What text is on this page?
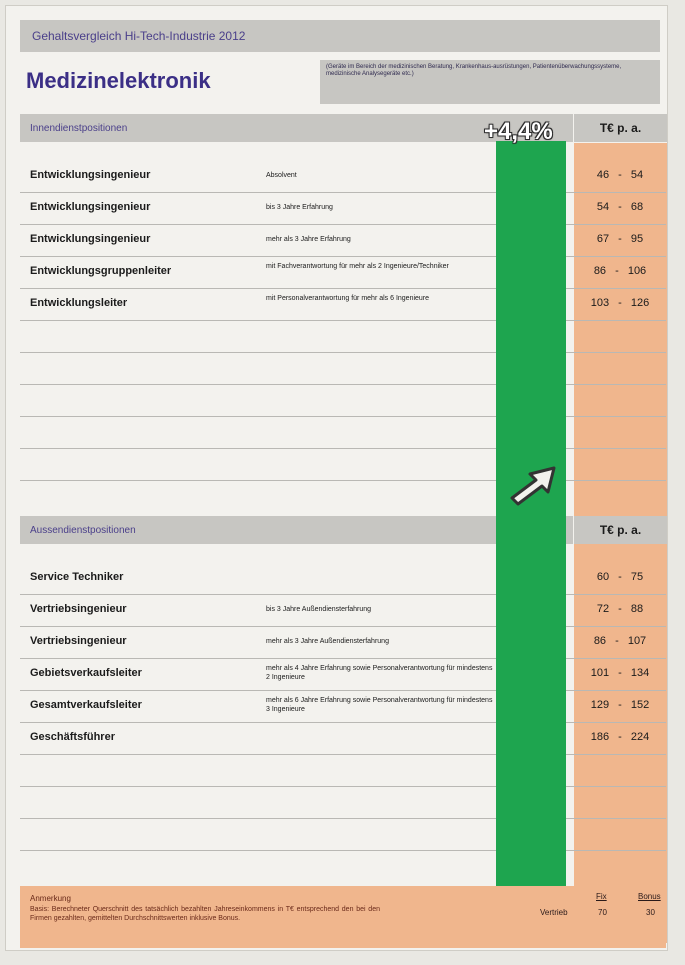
Gehaltsvergleich Hi-Tech-Industrie 2012
Medizinelektronik
(Geräte im Bereich der medizinischen Beratung, Krankenhaus-ausrüstungen, Patientenüberwachungssysteme, medizinische Analysegeräte etc.)
Innendienstpositionen	T€ p. a.
Aussendienstpositionen	T€ p. a.
Entwicklungsingenieur	Absolvent	46 - 54
Entwicklungsingenieur	bis 3 Jahre Erfahrung	54 - 68
Entwicklungsingenieur	mehr als 3 Jahre Erfahrung	67 - 95
Entwicklungsgruppenleiter	mit Fachverantwortung für mehr als 2 Ingenieure/Techniker	86 - 106
Entwicklungsleiter	mit Personalverantwortung für mehr als 6 Ingenieure	103 - 126
Service Techniker	60 - 75
Vertriebsingenieur	bis 3 Jahre Außendiensterfahrung	72 - 88
Vertriebsingenieur	mehr als 3 Jahre Außendiensterfahrung	86 - 107
Gebietsverkaufsleiter	mehr als 4 Jahre Erfahrung sowie Personalverantwortung für mindestens 2 Ingenieure	101 - 134
Gesamtverkaufsleiter	mehr als 6 Jahre Erfahrung sowie Personalverantwortung für mindestens 3 Ingenieure	129 - 152
Geschäftsführer	186 - 224
+4,4%
Anmerkung
Basis: Berechneter Querschnitt des tatsächlich bezahlten Jahreseinkommens in T€ entsprechend den bei den Firmen gezahlten, gemittelten Durchschnittswerten inklusive Bonus.
Fix	Bonus
Vertrieb	70	30
